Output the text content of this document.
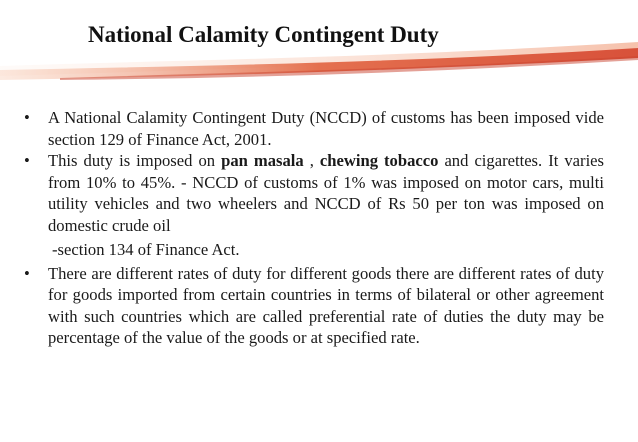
National Calamity Contingent Duty
• A National Calamity Contingent Duty (NCCD) of customs has been imposed vide section 129 of Finance Act, 2001.
• This duty is imposed on pan masala , chewing tobacco and cigarettes. It varies from 10% to 45%. - NCCD of customs of 1% was imposed on motor cars, multi utility vehicles and two wheelers and NCCD of Rs 50 per ton was imposed on domestic crude oil
-section 134 of Finance Act.
• There are different rates of duty for different goods there are different rates of duty for goods imported from certain countries in terms of bilateral or other agreement with such countries which are called preferential rate of duties the duty may be percentage of the value of the goods or at specified rate.
